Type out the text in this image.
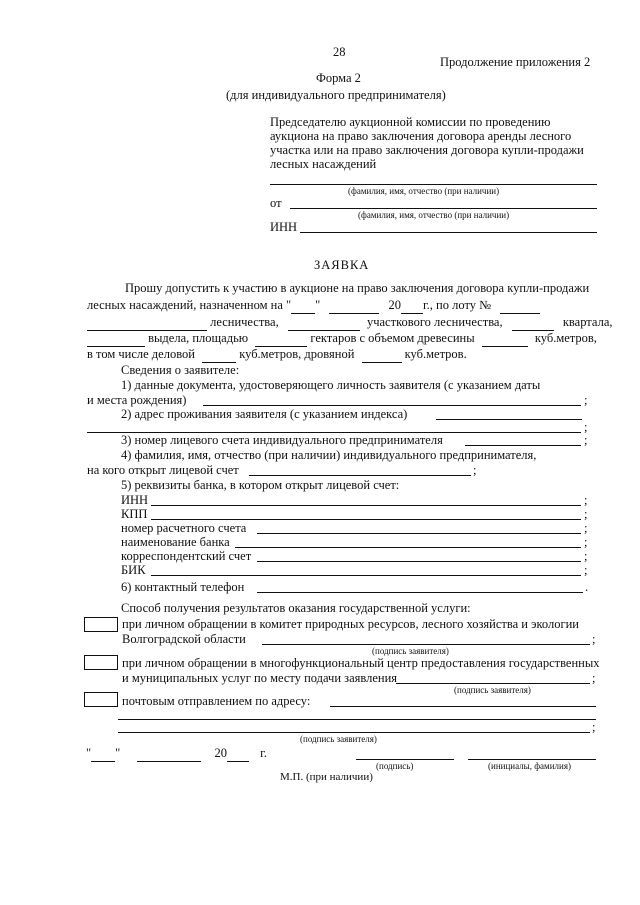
28
Продолжение приложения 2
Форма 2
(для индивидуального предпринимателя)
Председателю аукционной комиссии по проведению
аукциона на право заключения договора аренды лесного
участка или на право заключения договора купли-продажи
лесных насаждений
(фамилия, имя, отчество (при наличии)
от
(фамилия, имя, отчество (при наличии)
ИНН
ЗАЯВКА
Прошу допустить к участию в аукционе на право заключения договора купли-продажи
лесных насаждений, назначенном на " "	20 г., по лоту №
лесничества,	участкового лесничества,	квартала,
выдела, площадью	гектаров с объемом древесины	куб.метров,
в том числе деловой	куб.метров, дровяной	куб.метров.
Сведения о заявителе:
1) данные документа, удостоверяющего личность заявителя (с указанием даты
и места рождения)	;
2) адрес проживания заявителя (с указанием индекса)
;
3) номер лицевого счета индивидуального предпринимателя	;
4) фамилия, имя, отчество (при наличии) индивидуального предпринимателя,
на кого открыт лицевой счет	;
5) реквизиты банка, в котором открыт лицевой счет:
ИНН	;
КПП	;
номер расчетного счета	;
наименование банка	;
корреспондентский счет	;
БИК	;
6) контактный телефон	.
Способ получения результатов оказания государственной услуги:
при личном обращении в комитет природных ресурсов, лесного хозяйства и экологии
Волгоградской области	;
(подпись заявителя)
при личном обращении в многофункциональный центр предоставления государственных
и муниципальных услуг по месту подачи заявления	;
(подпись заявителя)
почтовым отправлением по адресу:
;
(подпись заявителя)
" "	20	г.
(подпись)	(инициалы, фамилия)
М.П. (при наличии)
